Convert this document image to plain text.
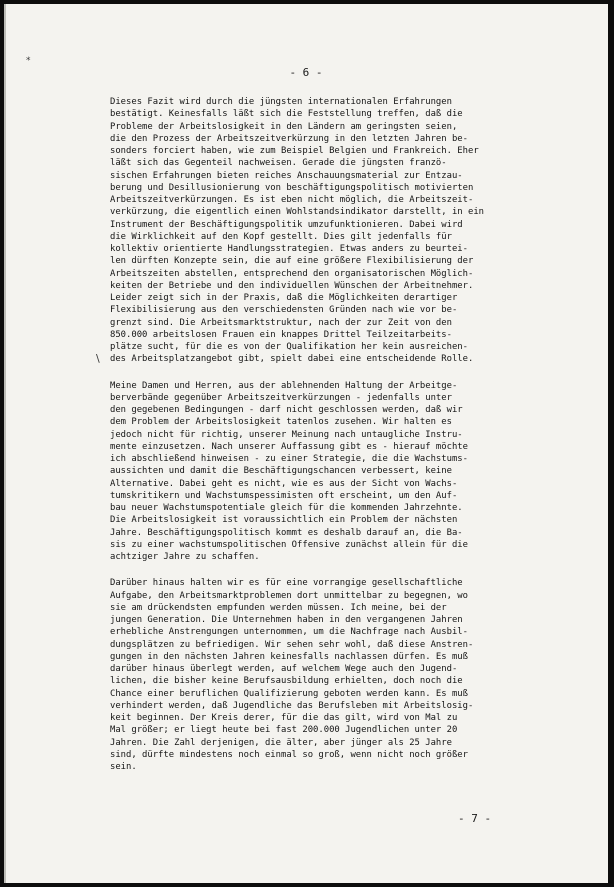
*
\

- 6 -

Dieses Fazit wird durch die jüngsten internationalen Erfahrungen
bestätigt. Keinesfalls läßt sich die Feststellung treffen, daß die
Probleme der Arbeitslosigkeit in den Ländern am geringsten seien,
die den Prozess der Arbeitszeitverkürzung in den letzten Jahren be-
sonders forciert haben, wie zum Beispiel Belgien und Frankreich. Eher
läßt sich das Gegenteil nachweisen. Gerade die jüngsten franzö-
sischen Erfahrungen bieten reiches Anschauungsmaterial zur Entzau-
berung und Desillusionierung von beschäftigungspolitisch motivierten
Arbeitszeitverkürzungen. Es ist eben nicht möglich, die Arbeitszeit-
verkürzung, die eigentlich einen Wohlstandsindikator darstellt, in ein
Instrument der Beschäftigungspolitik umzufunktionieren. Dabei wird
die Wirklichkeit auf den Kopf gestellt. Dies gilt jedenfalls für
kollektiv orientierte Handlungsstrategien. Etwas anders zu beurtei-
len dürften Konzepte sein, die auf eine größere Flexibilisierung der
Arbeitszeiten abstellen, entsprechend den organisatorischen Möglich-
keiten der Betriebe und den individuellen Wünschen der Arbeitnehmer.
Leider zeigt sich in der Praxis, daß die Möglichkeiten derartiger
Flexibilisierung aus den verschiedensten Gründen nach wie vor be-
grenzt sind. Die Arbeitsmarktstruktur, nach der zur Zeit von den
850.000 arbeitslosen Frauen ein knappes Drittel Teilzeitarbeits-
plätze sucht, für die es von der Qualifikation her kein ausreichen-
des Arbeitsplatzangebot gibt, spielt dabei eine entscheidende Rolle.
Meine Damen und Herren, aus der ablehnenden Haltung der Arbeitge-
berverbände gegenüber Arbeitszeitverkürzungen - jedenfalls unter
den gegebenen Bedingungen - darf nicht geschlossen werden, daß wir
dem Problem der Arbeitslosigkeit tatenlos zusehen. Wir halten es
jedoch nicht für richtig, unserer Meinung nach untaugliche Instru-
mente einzusetzen. Nach unserer Auffassung gibt es - hierauf möchte
ich abschließend hinweisen - zu einer Strategie, die die Wachstums-
aussichten und damit die Beschäftigungschancen verbessert, keine
Alternative. Dabei geht es nicht, wie es aus der Sicht von Wachs-
tumskritikern und Wachstumspessimisten oft erscheint, um den Auf-
bau neuer Wachstumspotentiale gleich für die kommenden Jahrzehnte.
Die Arbeitslosigkeit ist voraussichtlich ein Problem der nächsten
Jahre. Beschäftigungspolitisch kommt es deshalb darauf an, die Ba-
sis zu einer wachstumspolitischen Offensive zunächst allein für die
achtziger Jahre zu schaffen.
Darüber hinaus halten wir es für eine vorrangige gesellschaftliche
Aufgabe, den Arbeitsmarktproblemen dort unmittelbar zu begegnen, wo
sie am drückendsten empfunden werden müssen. Ich meine, bei der
jungen Generation. Die Unternehmen haben in den vergangenen Jahren
erhebliche Anstrengungen unternommen, um die Nachfrage nach Ausbil-
dungsplätzen zu befriedigen. Wir sehen sehr wohl, daß diese Anstren-
gungen in den nächsten Jahren keinesfalls nachlassen dürfen. Es muß
darüber hinaus überlegt werden, auf welchem Wege auch den Jugend-
lichen, die bisher keine Berufsausbildung erhielten, doch noch die
Chance einer beruflichen Qualifizierung geboten werden kann. Es muß
verhindert werden, daß Jugendliche das Berufsleben mit Arbeitslosig-
keit beginnen. Der Kreis derer, für die das gilt, wird von Mal zu
Mal größer; er liegt heute bei fast 200.000 Jugendlichen unter 20
Jahren. Die Zahl derjenigen, die älter, aber jünger als 25 Jahre
sind, dürfte mindestens noch einmal so groß, wenn nicht noch größer
sein.

- 7 -
